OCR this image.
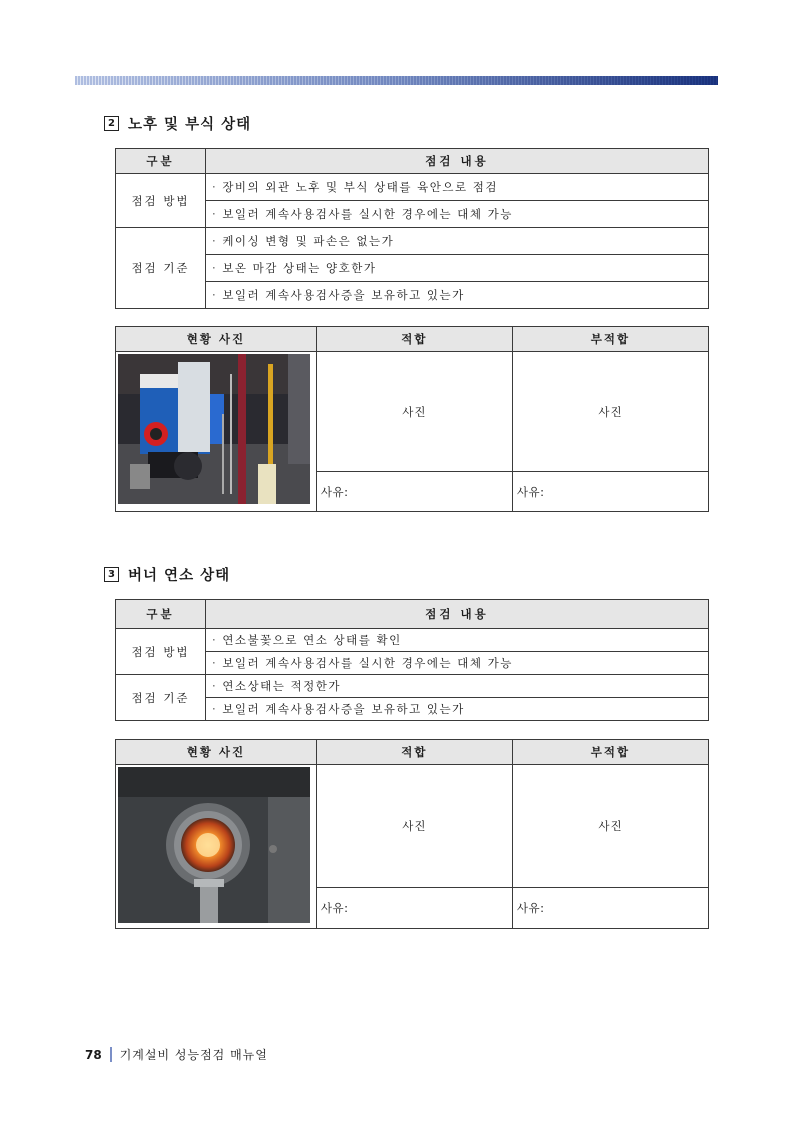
2 노후 및 부식 상태
구분	점검 내용
점검 방법	· 장비의 외관 노후 및 부식 상태를 육안으로 점검
	· 보일러 계속사용검사를 실시한 경우에는 대체 가능
점검 기준	· 케이싱 변형 및 파손은 없는가
	· 보온 마감 상태는 양호한가
	· 보일러 계속사용검사증을 보유하고 있는가
현황 사진	적합	부적합
	사진	사진
	사유:	사유:
3 버너 연소 상태
구분	점검 내용
점검 방법	· 연소불꽃으로 연소 상태를 확인
	· 보일러 계속사용검사를 실시한 경우에는 대체 가능
점검 기준	· 연소상태는 적정한가
	· 보일러 계속사용검사증을 보유하고 있는가
현황 사진	적합	부적합
	사진	사진
	사유:	사유:
78 기계설비 성능점검 매뉴얼
